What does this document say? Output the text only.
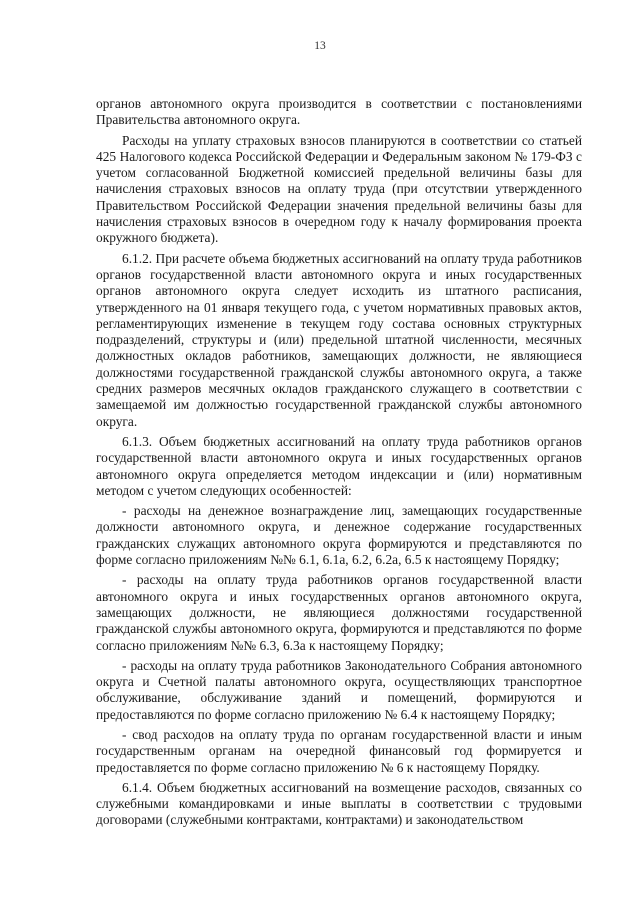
13

органов автономного округа производится в соответствии с постановлениями Правительства автономного округа.

Расходы на уплату страховых взносов планируются в соответствии со статьей 425 Налогового кодекса Российской Федерации и Федеральным законом № 179-ФЗ с учетом согласованной Бюджетной комиссией предельной величины базы для начисления страховых взносов на оплату труда (при отсутствии утвержденного Правительством Российской Федерации значения предельной величины базы для начисления страховых взносов в очередном году к началу формирования проекта окружного бюджета).

6.1.2. При расчете объема бюджетных ассигнований на оплату труда работников органов государственной власти автономного округа и иных государственных органов автономного округа следует исходить из штатного расписания, утвержденного на 01 января текущего года, с учетом нормативных правовых актов, регламентирующих изменение в текущем году состава основных структурных подразделений, структуры и (или) предельной штатной численности, месячных должностных окладов работников, замещающих должности, не являющиеся должностями государственной гражданской службы автономного округа, а также средних размеров месячных окладов гражданского служащего в соответствии с замещаемой им должностью государственной гражданской службы автономного округа.

6.1.3. Объем бюджетных ассигнований на оплату труда работников органов государственной власти автономного округа и иных государственных органов автономного округа определяется методом индексации и (или) нормативным методом с учетом следующих особенностей:

- расходы на денежное вознаграждение лиц, замещающих государственные должности автономного округа, и денежное содержание государственных гражданских служащих автономного округа формируются и представляются по форме согласно приложениям №№ 6.1, 6.1а, 6.2, 6.2а, 6.5 к настоящему Порядку;

- расходы на оплату труда работников органов государственной власти автономного округа и иных государственных органов автономного округа, замещающих должности, не являющиеся должностями государственной гражданской службы автономного округа, формируются и представляются по форме согласно приложениям №№ 6.3, 6.3а к настоящему Порядку;

- расходы на оплату труда работников Законодательного Собрания автономного округа и Счетной палаты автономного округа, осуществляющих транспортное обслуживание, обслуживание зданий и помещений, формируются и предоставляются по форме согласно приложению № 6.4 к настоящему Порядку;

- свод расходов на оплату труда по органам государственной власти и иным государственным органам на очередной финансовый год формируется и предоставляется по форме согласно приложению № 6 к настоящему Порядку.

6.1.4. Объем бюджетных ассигнований на возмещение расходов, связанных со служебными командировками и иные выплаты в соответствии с трудовыми договорами (служебными контрактами, контрактами) и законодательством
